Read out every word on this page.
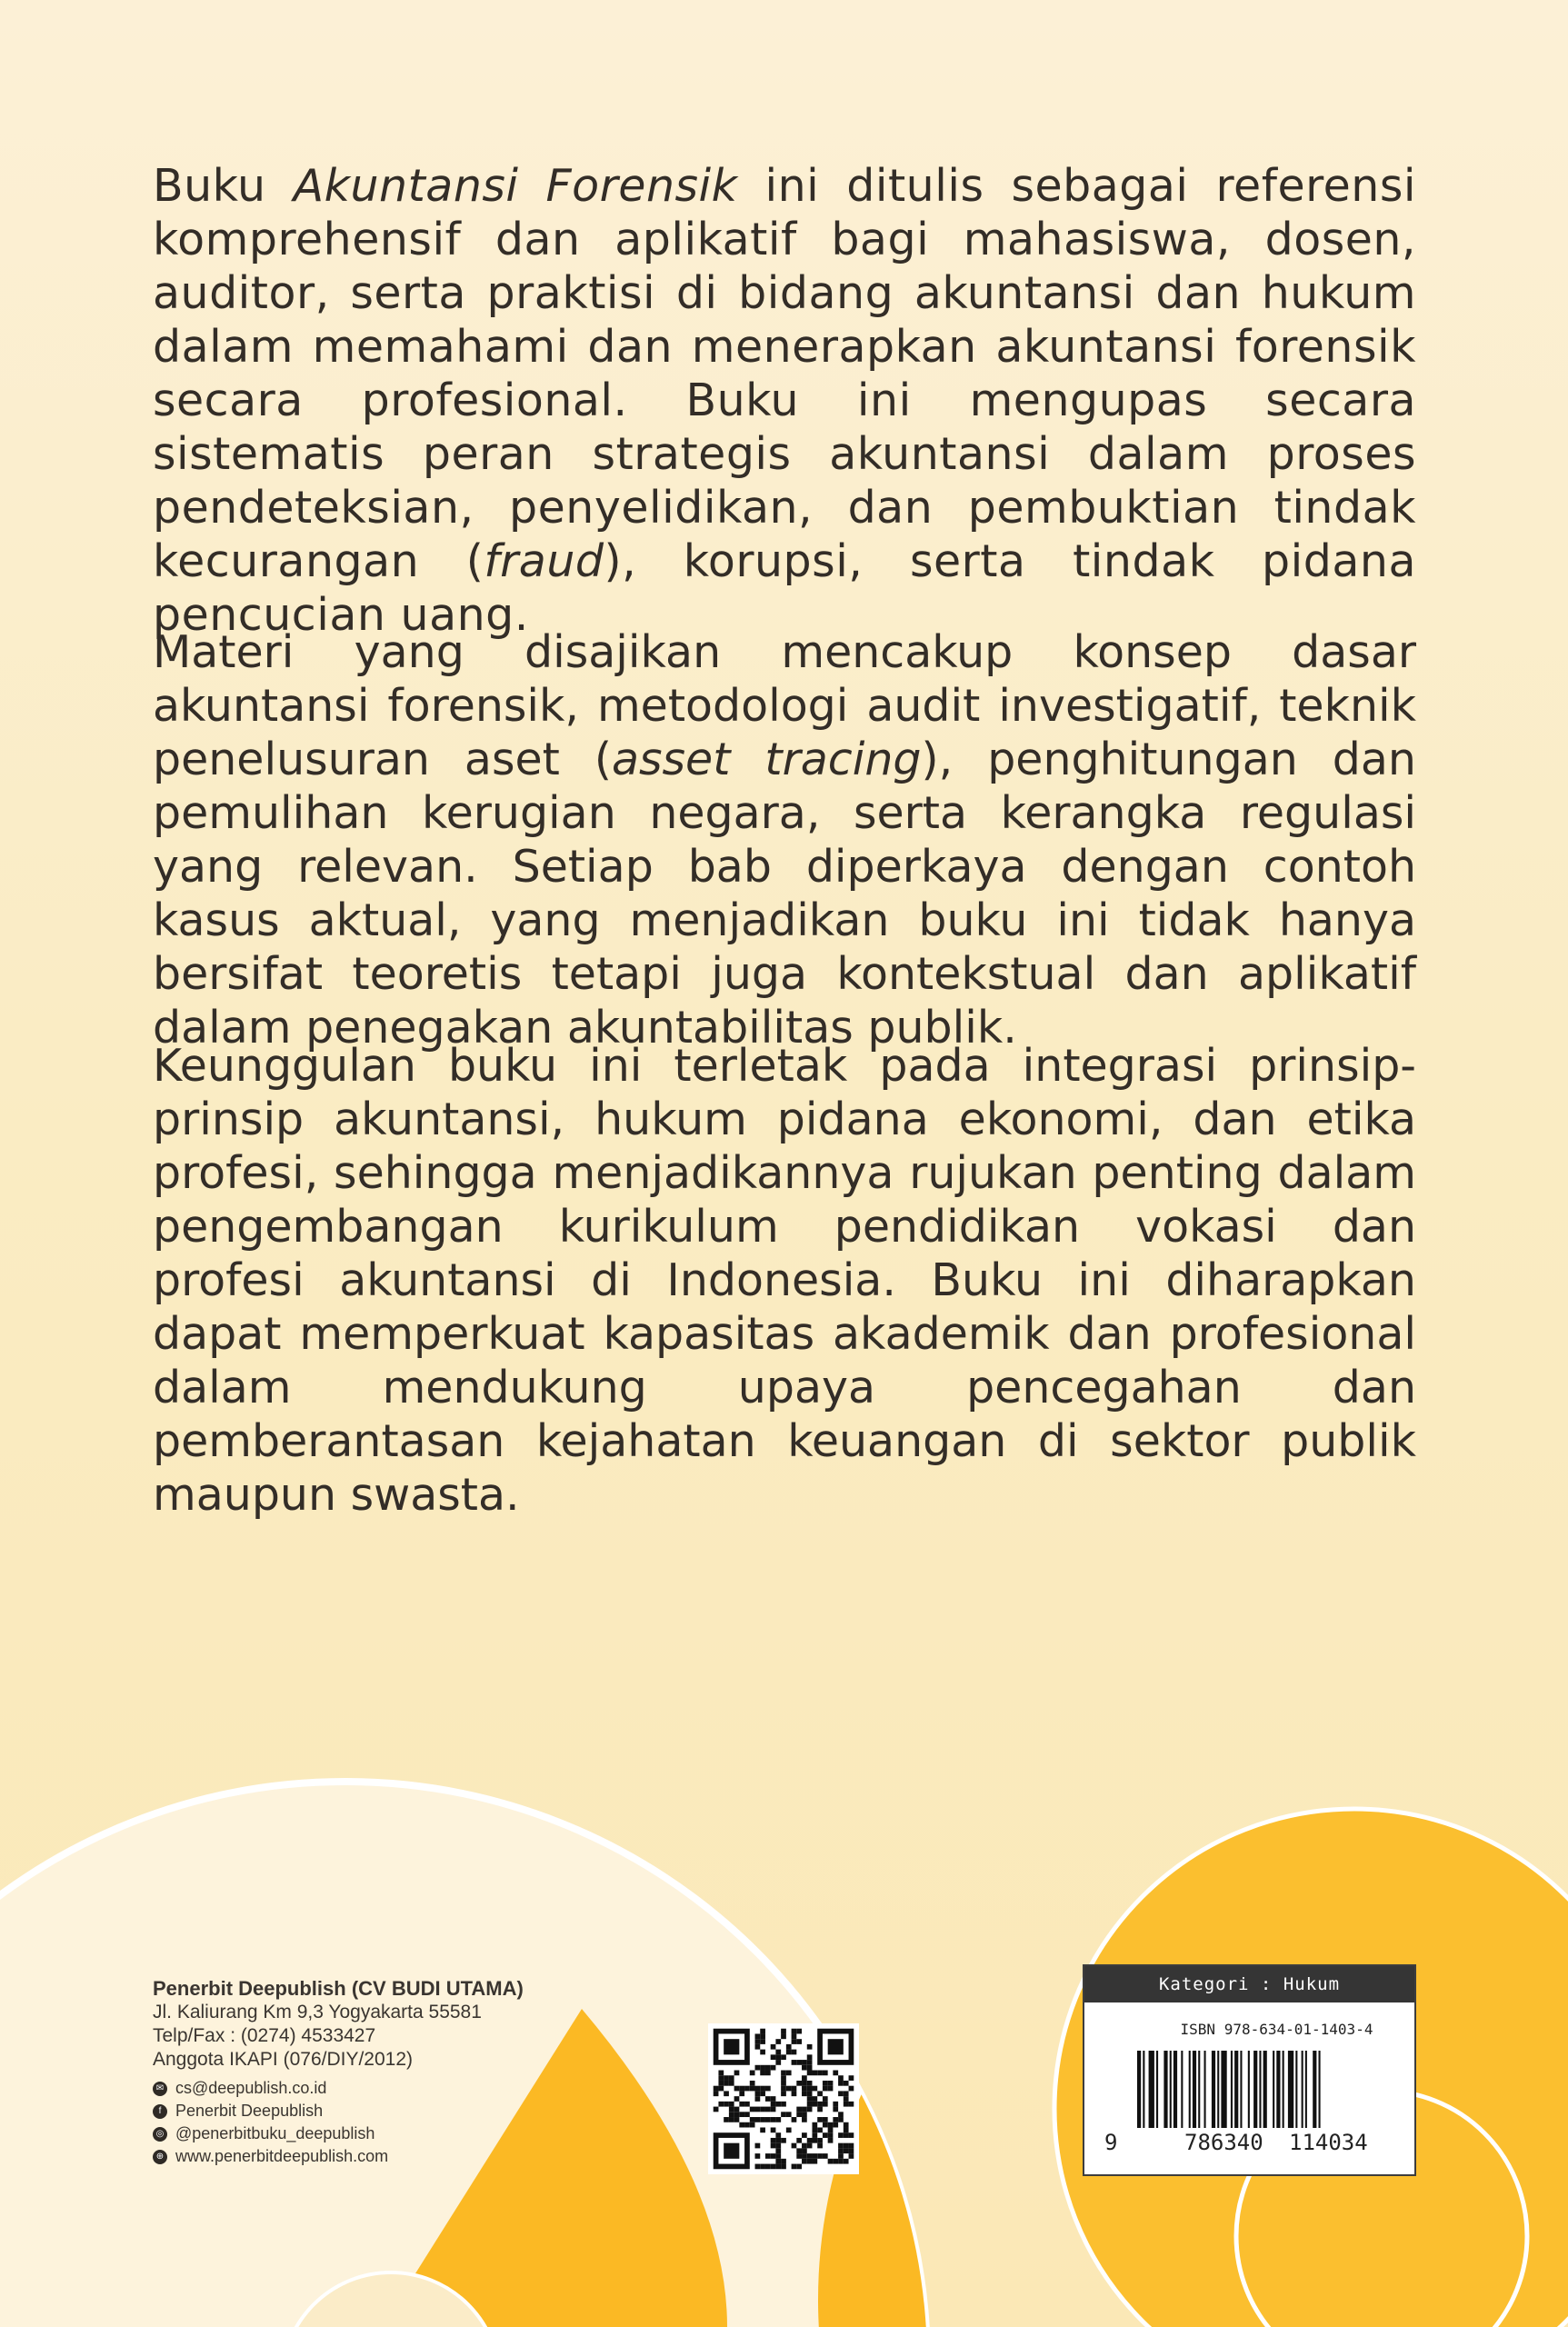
Buku Akuntansi Forensik ini ditulis sebagai referensi komprehensif dan aplikatif bagi mahasiswa, dosen, auditor, serta praktisi di bidang akuntansi dan hukum dalam memahami dan menerapkan akuntansi forensik secara profesional. Buku ini mengupas secara sistematis peran strategis akuntansi dalam proses pendeteksian, penyelidikan, dan pembuktian tindak kecurangan (fraud), korupsi, serta tindak pidana pencucian uang.

Materi yang disajikan mencakup konsep dasar akuntansi forensik, metodologi audit investigatif, teknik penelusuran aset (asset tracing), penghitungan dan pemulihan kerugian negara, serta kerangka regulasi yang relevan. Setiap bab diperkaya dengan contoh kasus aktual, yang menjadikan buku ini tidak hanya bersifat teoretis tetapi juga kontekstual dan aplikatif dalam penegakan akuntabilitas publik.

Keunggulan buku ini terletak pada integrasi prinsip-prinsip akuntansi, hukum pidana ekonomi, dan etika profesi, sehingga menjadikannya rujukan penting dalam pengembangan kurikulum pendidikan vokasi dan profesi akuntansi di Indonesia. Buku ini diharapkan dapat memperkuat kapasitas akademik dan profesional dalam mendukung upaya pencegahan dan pemberantasan kejahatan keuangan di sektor publik maupun swasta.

Penerbit Deepublish (CV BUDI UTAMA)
Jl. Kaliurang Km 9,3 Yogyakarta 55581
Telp/Fax : (0274) 4533427
Anggota IKAPI (076/DIY/2012)
✉ cs@deepublish.co.id
f Penerbit Deepublish
◎ @penerbitbuku_deepublish
⊕ www.penerbitdeepublish.com
Kategori : Hukum
ISBN 978-634-01-1403-4
9	786340 114034
